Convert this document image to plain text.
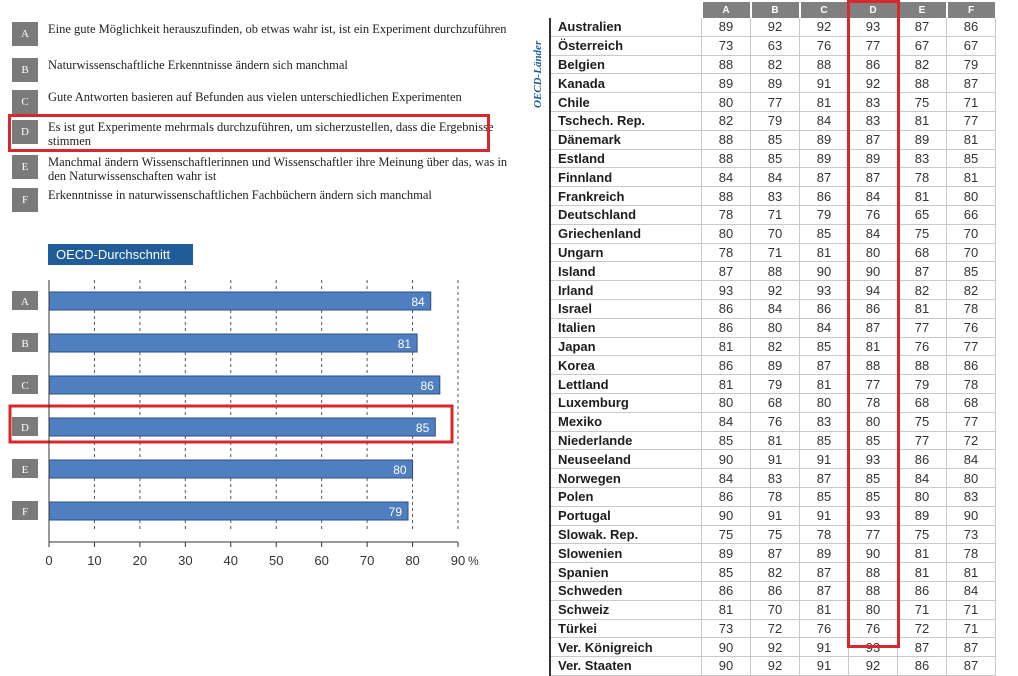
A	Eine gute Möglichkeit herauszufinden, ob etwas wahr ist, ist ein Experiment durchzuführen
B	Naturwissenschaftliche Erkenntnisse ändern sich manchmal
C	Gute Antworten basieren auf Befunden aus vielen unterschiedlichen Experimenten
D	Es ist gut Experimente mehrmals durchzuführen, um sicherzustellen, dass die Ergebnisse stimmen
E	Manchmal ändern Wissenschaftlerinnen und Wissenschaftler ihre Meinung über das, was in den Naturwissenschaften wahr ist
F	Erkenntnisse in naturwissenschaftlichen Fachbüchern ändern sich manchmal
OECD-Durchschnitt
A	84
B	81
C	86
D	85
E	80
F	79
0	10 20 30 40 50 60 70 80 90 %
OECD-Länder
	A	B	C	D	E	F
Australien	89	92	92	93	87	86
Österreich	73	63	76	77	67	67
Belgien	88	82	88	86	82	79
Kanada	89	89	91	92	88	87
Chile	80	77	81	83	75	71
Tschech. Rep.	82	79	84	83	81	77
Dänemark	88	85	89	87	89	81
Estland	88	85	89	89	83	85
Finnland	84	84	87	87	78	81
Frankreich	88	83	86	84	81	80
Deutschland	78	71	79	76	65	66
Griechenland	80	70	85	84	75	70
Ungarn	78	71	81	80	68	70
Island	87	88	90	90	87	85
Irland	93	92	93	94	82	82
Israel	86	84	86	86	81	78
Italien	86	80	84	87	77	76
Japan	81	82	85	81	76	77
Korea	86	89	87	88	88	86
Lettland	81	79	81	77	79	78
Luxemburg	80	68	80	78	68	68
Mexiko	84	76	83	80	75	77
Niederlande	85	81	85	85	77	72
Neuseeland	90	91	91	93	86	84
Norwegen	84	83	87	85	84	80
Polen	86	78	85	85	80	83
Portugal	90	91	91	93	89	90
Slowak. Rep.	75	75	78	77	75	73
Slowenien	89	87	89	90	81	78
Spanien	85	82	87	88	81	81
Schweden	86	86	87	88	86	84
Schweiz	81	70	81	80	71	71
Türkei	73	72	76	76	72	71
Ver. Königreich	90	92	91	93	87	87
Ver. Staaten	90	92	91	92	86	87
